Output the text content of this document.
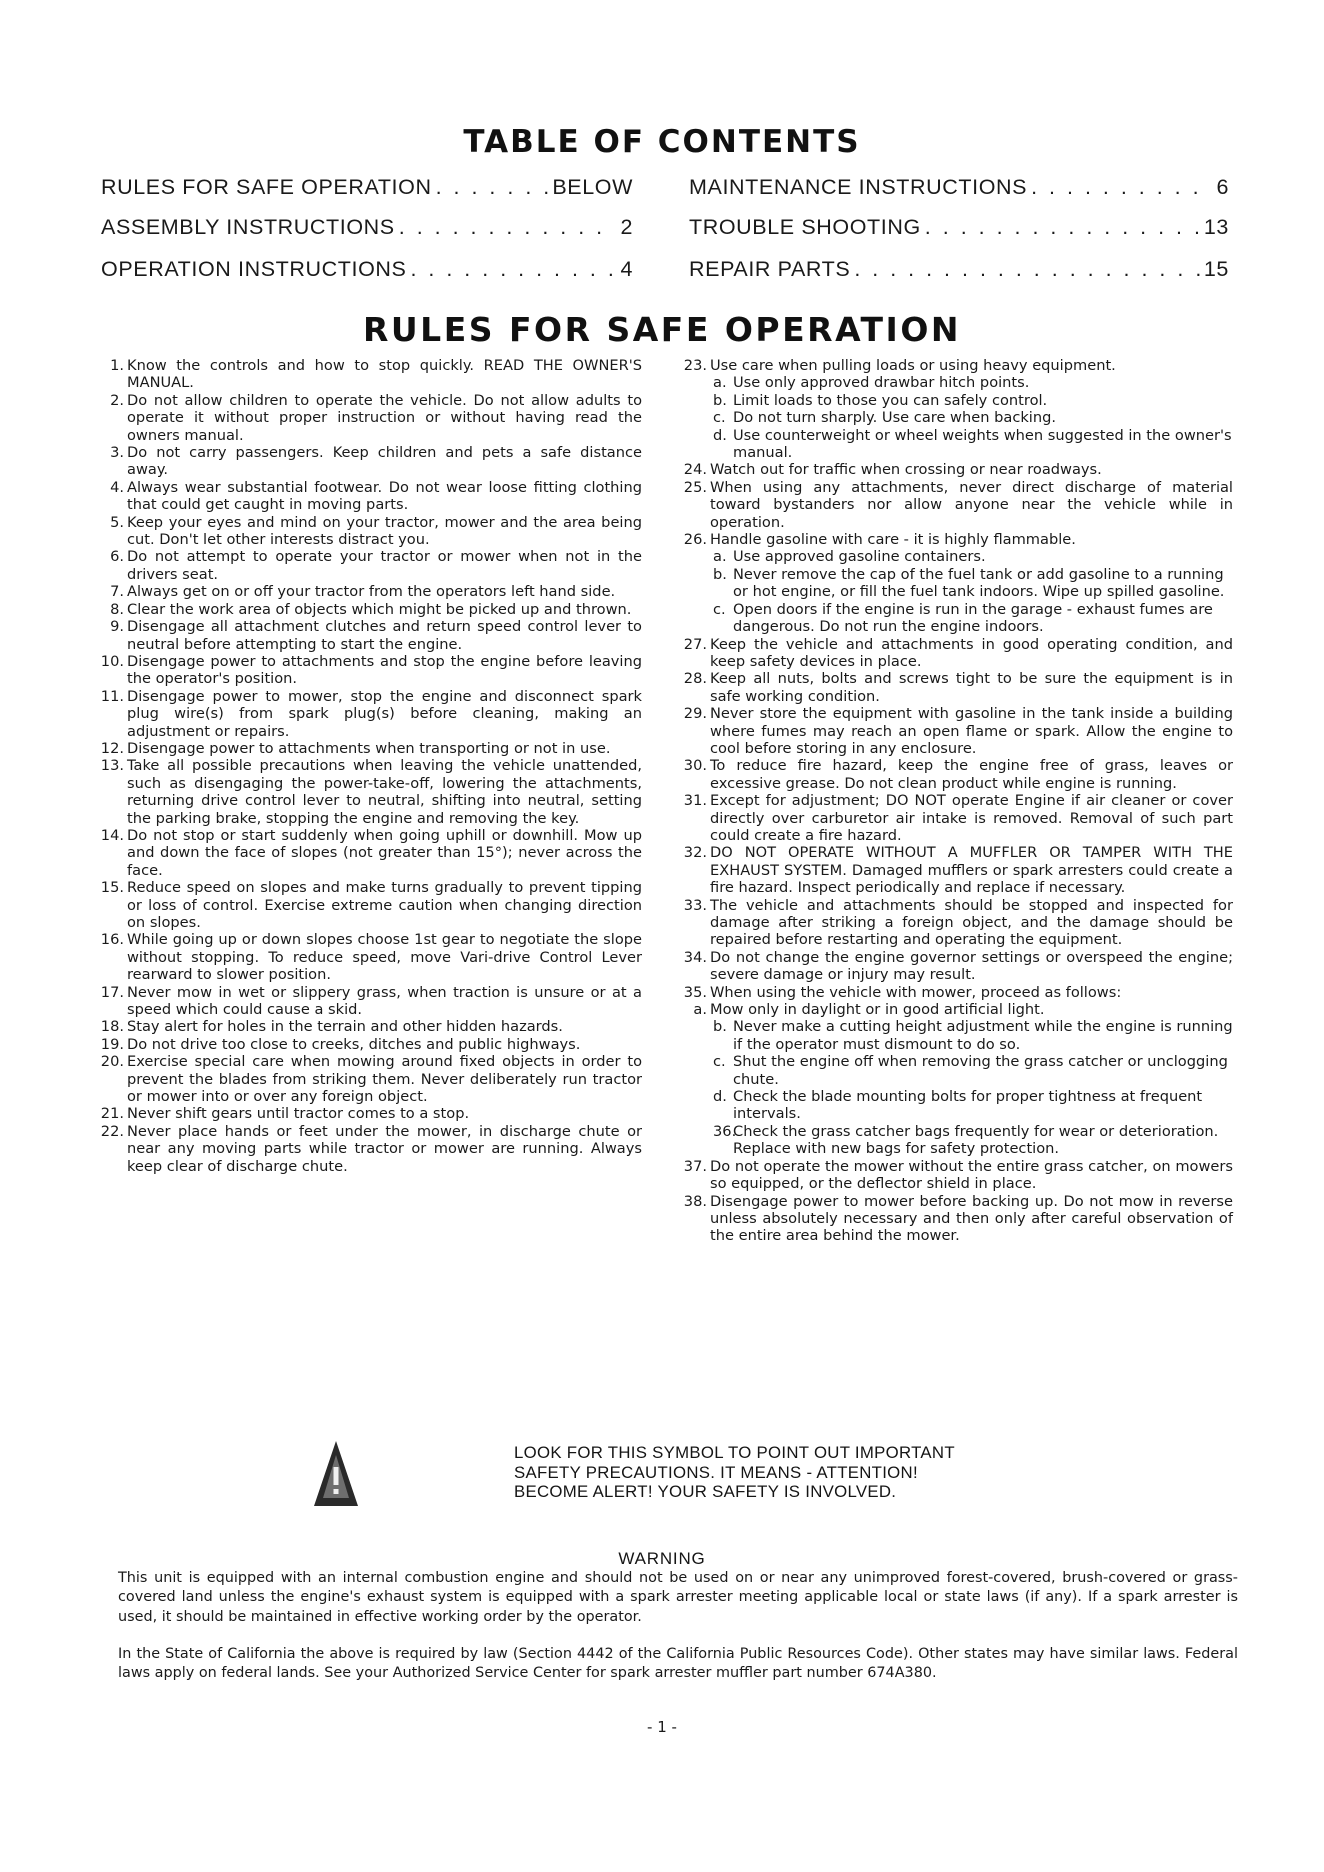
TABLE OF CONTENTS
RULES FOR SAFE OPERATION . . .	BELOW
ASSEMBLY INSTRUCTIONS . . .	2
OPERATION INSTRUCTIONS . . .	4
MAINTENANCE INSTRUCTIONS . . .	6
TROUBLE SHOOTING . . .	13
REPAIR PARTS . . .	15
RULES FOR SAFE OPERATION
1. Know the controls and how to stop quickly. READ THE OWNER'S MANUAL.
2. Do not allow children to operate the vehicle. Do not allow adults to operate it without proper instruction or without having read the owners manual.
3. Do not carry passengers. Keep children and pets a safe distance away.
4. Always wear substantial footwear. Do not wear loose fitting clothing that could get caught in moving parts.
5. Keep your eyes and mind on your tractor, mower and the area being cut. Don't let other interests distract you.
6. Do not attempt to operate your tractor or mower when not in the drivers seat.
7. Always get on or off your tractor from the operators left hand side.
8. Clear the work area of objects which might be picked up and thrown.
9. Disengage all attachment clutches and return speed control lever to neutral before attempting to start the engine.
10. Disengage power to attachments and stop the engine before leaving the operator's position.
11. Disengage power to mower, stop the engine and disconnect spark plug wire(s) from spark plug(s) before cleaning, making an adjustment or repairs.
12. Disengage power to attachments when transporting or not in use.
13. Take all possible precautions when leaving the vehicle unattended, such as disengaging the power-take-off, lowering the attachments, returning drive control lever to neutral, shifting into neutral, setting the parking brake, stopping the engine and removing the key.
14. Do not stop or start suddenly when going uphill or downhill. Mow up and down the face of slopes (not greater than 15°); never across the face.
15. Reduce speed on slopes and make turns gradually to prevent tipping or loss of control. Exercise extreme caution when changing direction on slopes.
16. While going up or down slopes choose 1st gear to negotiate the slope without stopping. To reduce speed, move Vari-drive Control Lever rearward to slower position.
17. Never mow in wet or slippery grass, when traction is unsure or at a speed which could cause a skid.
18. Stay alert for holes in the terrain and other hidden hazards.
19. Do not drive too close to creeks, ditches and public highways.
20. Exercise special care when mowing around fixed objects in order to prevent the blades from striking them. Never deliberately run tractor or mower into or over any foreign object.
21. Never shift gears until tractor comes to a stop.
22. Never place hands or feet under the mower, in discharge chute or near any moving parts while tractor or mower are running. Always keep clear of discharge chute.
23. Use care when pulling loads or using heavy equipment.
a. Use only approved drawbar hitch points.
b. Limit loads to those you can safely control.
c. Do not turn sharply. Use care when backing.
d. Use counterweight or wheel weights when suggested in the owner's manual.
24. Watch out for traffic when crossing or near roadways.
25. When using any attachments, never direct discharge of material toward bystanders nor allow anyone near the vehicle while in operation.
26. Handle gasoline with care - it is highly flammable.
a. Use approved gasoline containers.
b. Never remove the cap of the fuel tank or add gasoline to a running or hot engine, or fill the fuel tank indoors. Wipe up spilled gasoline.
c. Open doors if the engine is run in the garage - exhaust fumes are dangerous. Do not run the engine indoors.
27. Keep the vehicle and attachments in good operating condition, and keep safety devices in place.
28. Keep all nuts, bolts and screws tight to be sure the equipment is in safe working condition.
29. Never store the equipment with gasoline in the tank inside a building where fumes may reach an open flame or spark. Allow the engine to cool before storing in any enclosure.
30. To reduce fire hazard, keep the engine free of grass, leaves or excessive grease. Do not clean product while engine is running.
31. Except for adjustment; DO NOT operate Engine if air cleaner or cover directly over carburetor air intake is removed. Removal of such part could create a fire hazard.
32. DO NOT OPERATE WITHOUT A MUFFLER OR TAMPER WITH THE EXHAUST SYSTEM. Damaged mufflers or spark arresters could create a fire hazard. Inspect periodically and replace if necessary.
33. The vehicle and attachments should be stopped and inspected for damage after striking a foreign object, and the damage should be repaired before restarting and operating the equipment.
34. Do not change the engine governor settings or overspeed the engine; severe damage or injury may result.
35. When using the vehicle with mower, proceed as follows:
a. Mow only in daylight or in good artificial light.
b. Never make a cutting height adjustment while the engine is running if the operator must dismount to do so.
c. Shut the engine off when removing the grass catcher or unclogging chute.
d. Check the blade mounting bolts for proper tightness at frequent intervals.
36.
Check the grass catcher bags frequently for wear or deterioration. Replace with new bags for safety protection.
37. Do not operate the mower without the entire grass catcher, on mowers so equipped, or the deflector shield in place.
38. Disengage power to mower before backing up. Do not mow in reverse unless absolutely necessary and then only after careful observation of the entire area behind the mower.
LOOK FOR THIS SYMBOL TO POINT OUT IMPORTANT
SAFETY PRECAUTIONS. IT MEANS - ATTENTION!
BECOME ALERT! YOUR SAFETY IS INVOLVED.
WARNING
This unit is equipped with an internal combustion engine and should not be used on or near any unimproved forest-covered, brush-covered or grass-covered land unless the engine's exhaust system is equipped with a spark arrester meeting applicable local or state laws (if any). If a spark arrester is used, it should be maintained in effective working order by the operator.
In the State of California the above is required by law (Section 4442 of the California Public Resources Code). Other states may have similar laws. Federal laws apply on federal lands. See your Authorized Service Center for spark arrester muffler part number 674A380.
- 1 -
